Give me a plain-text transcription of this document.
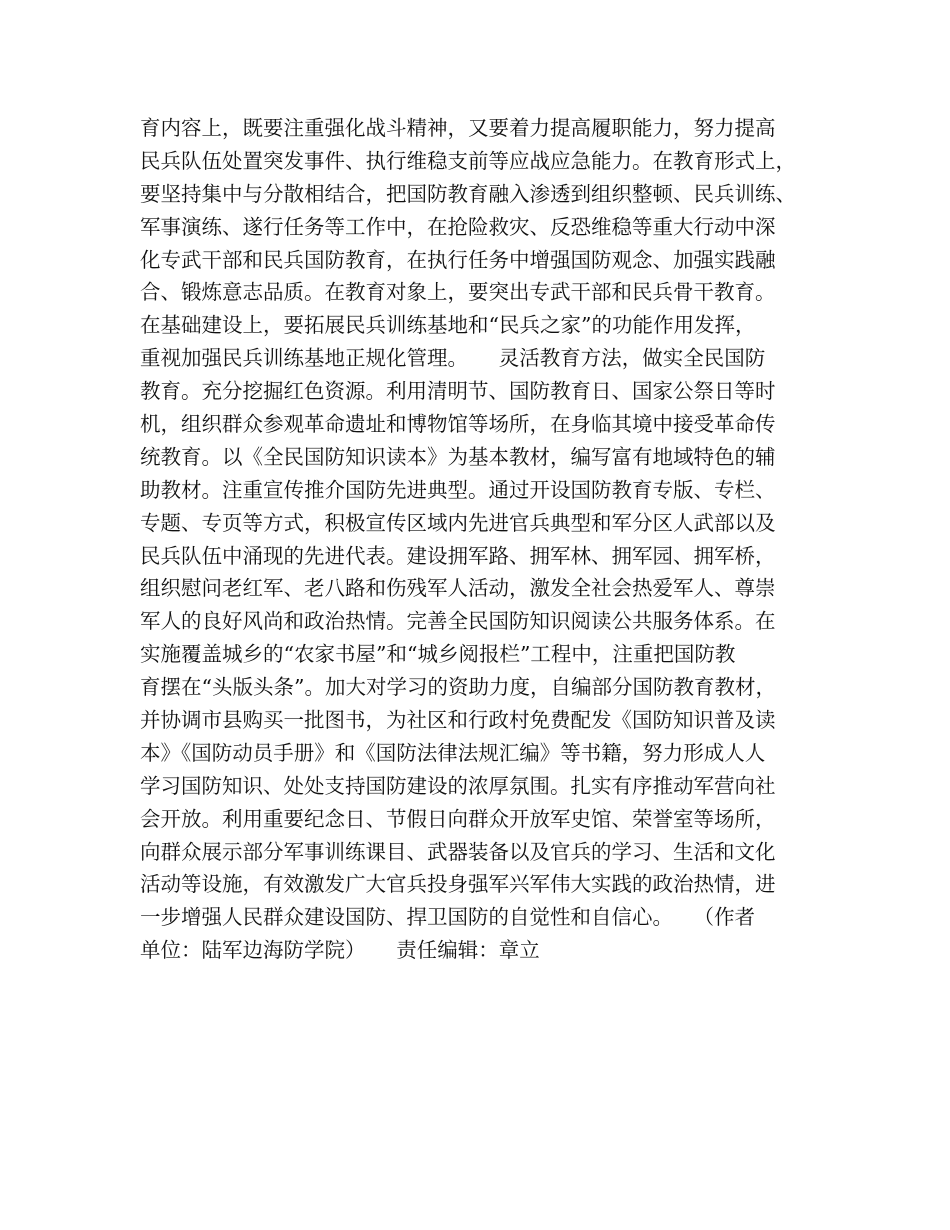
育内容上，既要注重强化战斗精神，又要着力提高履职能力，努力提高
民兵队伍处置突发事件、执行维稳支前等应战应急能力。在教育形式上，
要坚持集中与分散相结合，把国防教育融入渗透到组织整顿、民兵训练、
军事演练、遂行任务等工作中，在抢险救灾、反恐维稳等重大行动中深
化专武干部和民兵国防教育，在执行任务中增强国防观念、加强实践融
合、锻炼意志品质。在教育对象上，要突出专武干部和民兵骨干教育。
在基础建设上，要拓展民兵训练基地和“民兵之家”的功能作用发挥，
重视加强民兵训练基地正规化管理。　　灵活教育方法，做实全民国防
教育。充分挖掘红色资源。利用清明节、国防教育日、国家公祭日等时
机，组织群众参观革命遗址和博物馆等场所，在身临其境中接受革命传
统教育。以《全民国防知识读本》为基本教材，编写富有地域特色的辅
助教材。注重宣传推介国防先进典型。通过开设国防教育专版、专栏、
专题、专页等方式，积极宣传区域内先进官兵典型和军分区人武部以及
民兵队伍中涌现的先进代表。建设拥军路、拥军林、拥军园、拥军桥，
组织慰问老红军、老八路和伤残军人活动，激发全社会热爱军人、尊崇
军人的良好风尚和政治热情。完善全民国防知识阅读公共服务体系。在
实施覆盖城乡的“农家书屋”和“城乡阅报栏”工程中，注重把国防教
育摆在“头版头条”。加大对学习的资助力度，自编部分国防教育教材，
并协调市县购买一批图书，为社区和行政村免费配发《国防知识普及读
本》《国防动员手册》和《国防法律法规汇编》等书籍，努力形成人人
学习国防知识、处处支持国防建设的浓厚氛围。扎实有序推动军营向社
会开放。利用重要纪念日、节假日向群众开放军史馆、荣誉室等场所，
向群众展示部分军事训练课目、武器装备以及官兵的学习、生活和文化
活动等设施，有效激发广大官兵投身强军兴军伟大实践的政治热情，进
一步增强人民群众建设国防、捍卫国防的自觉性和自信心。　　（作者
单位：陆军边海防学院）　　责任编辑：章立
